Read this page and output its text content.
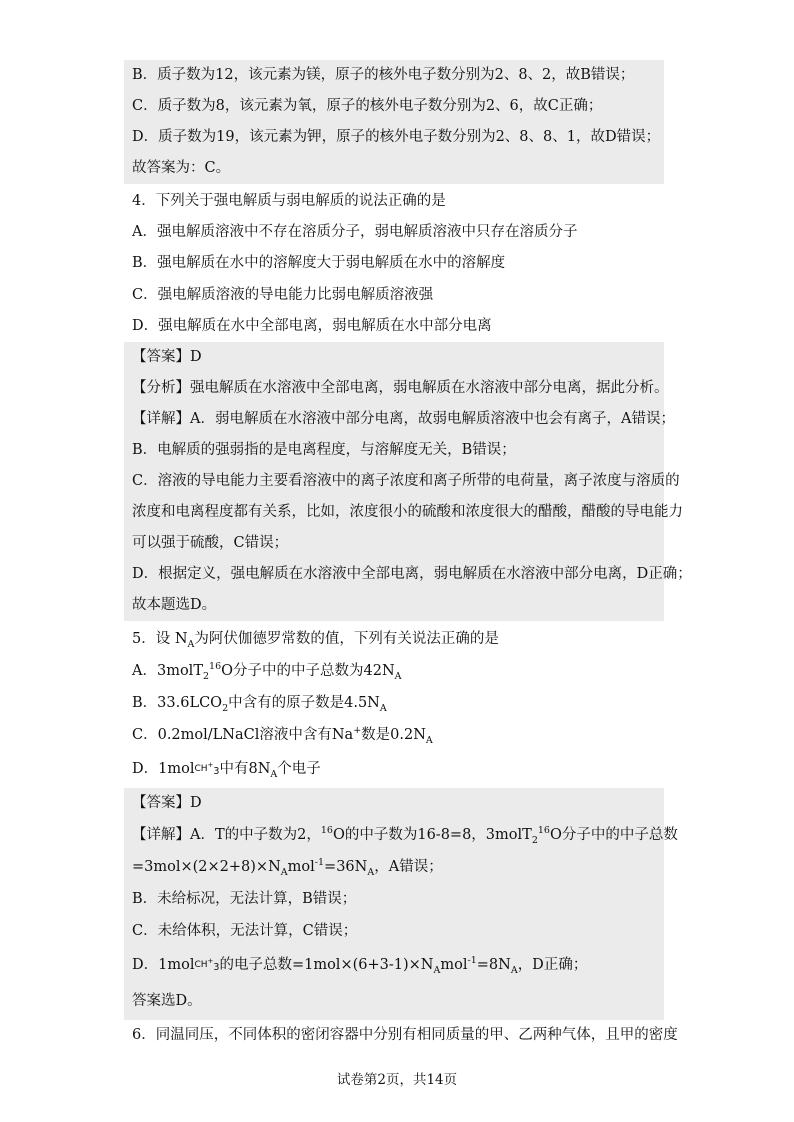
B．质子数为12，该元素为镁，原子的核外电子数分别为2、8、2，故B错误；
C．质子数为8，该元素为氧，原子的核外电子数分别为2、6，故C正确；
D．质子数为19，该元素为钾，原子的核外电子数分别为2、8、8、1，故D错误；
故答案为：C。
4．下列关于强电解质与弱电解质的说法正确的是
A．强电解质溶液中不存在溶质分子，弱电解质溶液中只存在溶质分子
B．强电解质在水中的溶解度大于弱电解质在水中的溶解度
C．强电解质溶液的导电能力比弱电解质溶液强
D．强电解质在水中全部电离，弱电解质在水中部分电离
【答案】D
【分析】强电解质在水溶液中全部电离，弱电解质在水溶液中部分电离，据此分析。
【详解】A．弱电解质在水溶液中部分电离，故弱电解质溶液中也会有离子，A错误；
B．电解质的强弱指的是电离程度，与溶解度无关，B错误；
C．溶液的导电能力主要看溶液中的离子浓度和离子所带的电荷量，离子浓度与溶质的
浓度和电离程度都有关系，比如，浓度很小的硫酸和浓度很大的醋酸，醋酸的导电能力
可以强于硫酸，C错误；
D．根据定义，强电解质在水溶液中全部电离，弱电解质在水溶液中部分电离，D正确；
故本题选D。
5．设 $N_A$为阿伏伽德罗常数的值，下列有关说法正确的是
A．3molT$_2^{16}$O分子中的中子总数为$42N_A$
B．$33.6LCO_2$中含有的原子数是$4.5N_A$
C．0.2mol/LNaCl溶液中含有Na+数是$0.2N_A$
D．1molCH+$_3$中有$8N_A$个电子
【答案】D
【详解】A．T的中子数为2，$^{16}$O的中子数为16-8=8，3molT$_2^{16}$O分子中的中子总数
$=3mol\times(2\times 2+8)\times N_Amol^{-1}=36N_A$，A错误；
B．未给标况，无法计算，B错误；
C．未给体积，无法计算，C错误；
D．1molCH+$_3$的电子总数$=1mol\times(6+3-1)\times N_Amol^{-1}=8N_A$，D正确；
答案选D。
6．同温同压，不同体积的密闭容器中分别有相同质量的甲、乙两种气体，且甲的密度
试卷第2页，共14页
